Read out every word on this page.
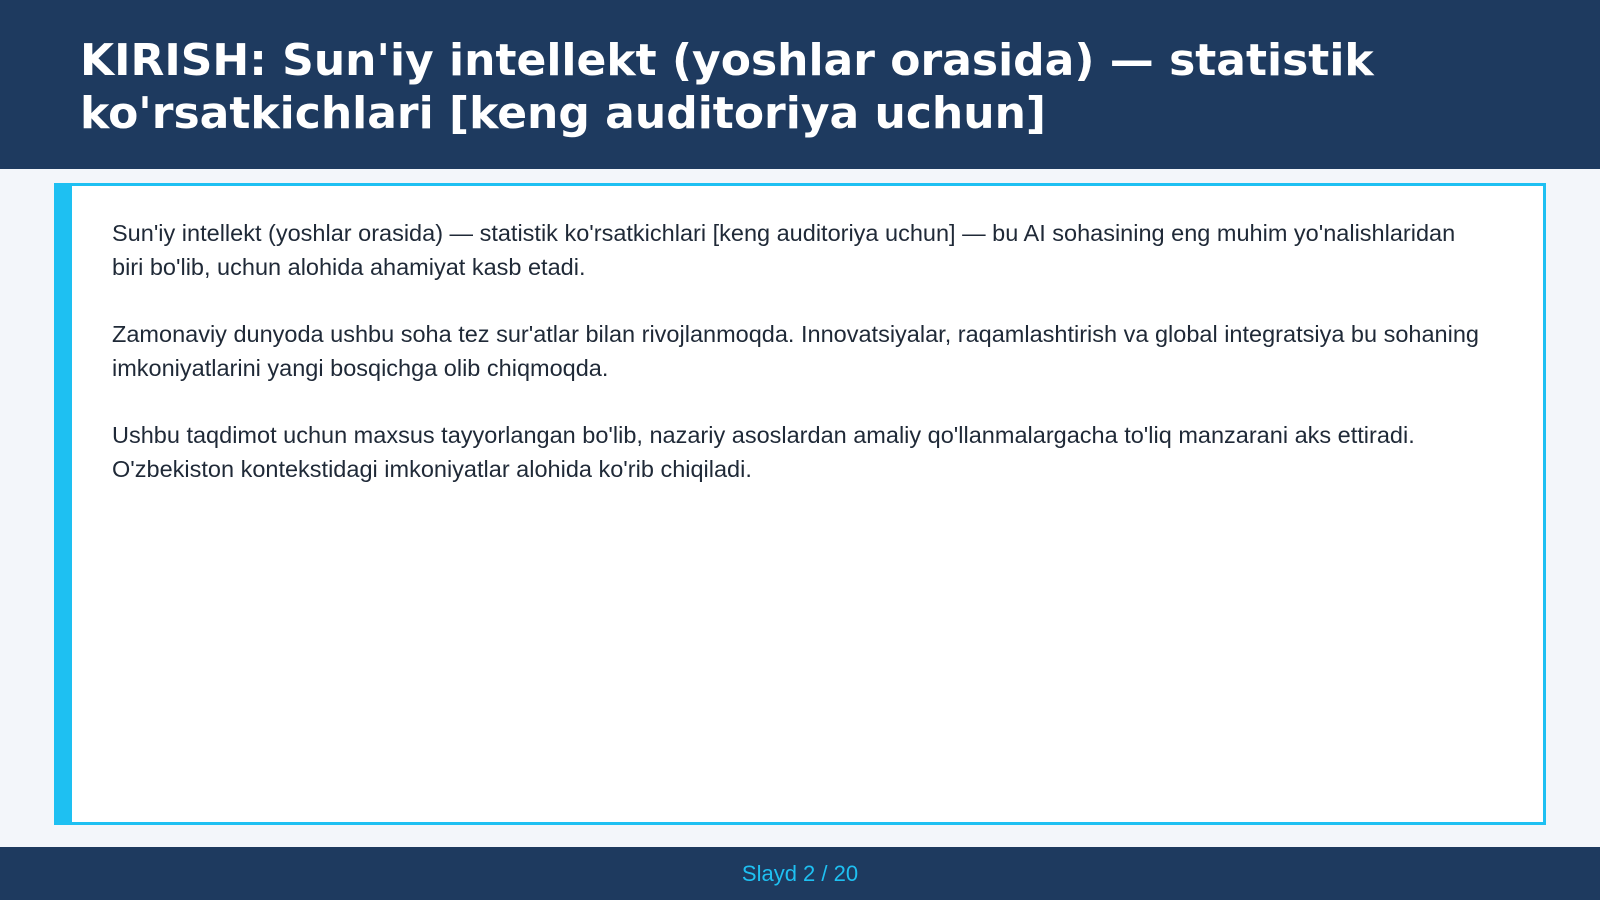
KIRISH: Sun'iy intellekt (yoshlar orasida) — statistik ko'rsatkichlari [keng auditoriya uchun]

Sun'iy intellekt (yoshlar orasida) — statistik ko'rsatkichlari [keng auditoriya uchun] — bu AI sohasining eng muhim yo'nalishlaridan biri bo'lib, uchun alohida ahamiyat kasb etadi.

Zamonaviy dunyoda ushbu soha tez sur'atlar bilan rivojlanmoqda. Innovatsiyalar, raqamlashtirish va global integratsiya bu sohaning imkoniyatlarini yangi bosqichga olib chiqmoqda.

Ushbu taqdimot uchun maxsus tayyorlangan bo'lib, nazariy asoslardan amaliy qo'llanmalargacha to'liq manzarani aks ettiradi. O'zbekiston kontekstidagi imkoniyatlar alohida ko'rib chiqiladi.

Slayd 2 / 20
